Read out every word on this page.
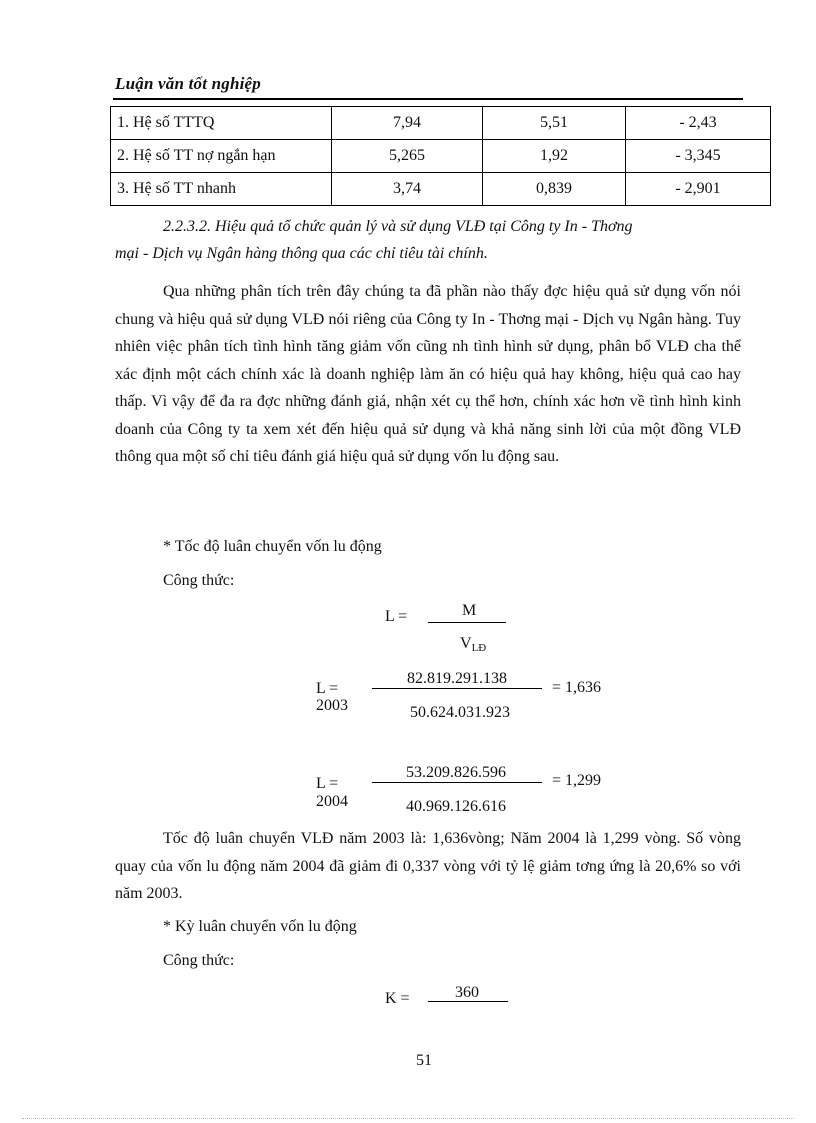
Luận văn tốt nghiệp
1. Hệ số TTTQ	7,94	5,51	- 2,43
2. Hệ số TT nợ ngắn hạn	5,265	1,92	- 3,345
3. Hệ số TT nhanh	3,74	0,839	- 2,901
2.2.3.2. Hiệu quả tổ chức quản lý và sử dụng VLĐ tại Công ty In - Thơng
mại - Dịch vụ Ngân hàng thông qua các chỉ tiêu tài chính.
Qua những phân tích trên đây chúng ta đã phần nào thấy đợc hiệu quả sử dụng vốn nói chung và hiệu quả sử dụng VLĐ nói riêng của Công ty In - Thơng mại - Dịch vụ Ngân hàng. Tuy nhiên việc phân tích tình hình tăng giảm vốn cũng nh tình hình sử dụng, phân bổ VLĐ cha thể xác định một cách chính xác là doanh nghiệp làm ăn có hiệu quả hay không, hiệu quả cao hay thấp. Vì vậy để đa ra đợc những đánh giá, nhận xét cụ thể hơn, chính xác hơn về tình hình kinh doanh của Công ty ta xem xét đến hiệu quả sử dụng và khả năng sinh lời của một đồng VLĐ thông qua một số chỉ tiêu đánh giá hiệu quả sử dụng vốn lu động sau.
* Tốc độ luân chuyển vốn lu động
Công thức:
L =	M
$V_{LĐ}$
L =
2003
82.819.291.138
= 1,636
50.624.031.923
L =
2004
53.209.826.596	= 1,299
40.969.126.616
Tốc độ luân chuyển VLĐ năm 2003 là: 1,636vòng; Năm 2004 là 1,299 vòng. Số vòng quay của vốn lu động năm 2004 đã giảm đi 0,337 vòng với tỷ lệ giảm tơng ứng là 20,6% so với năm 2003.
* Kỳ luân chuyển vốn lu động
Công thức:
K =	360
51
